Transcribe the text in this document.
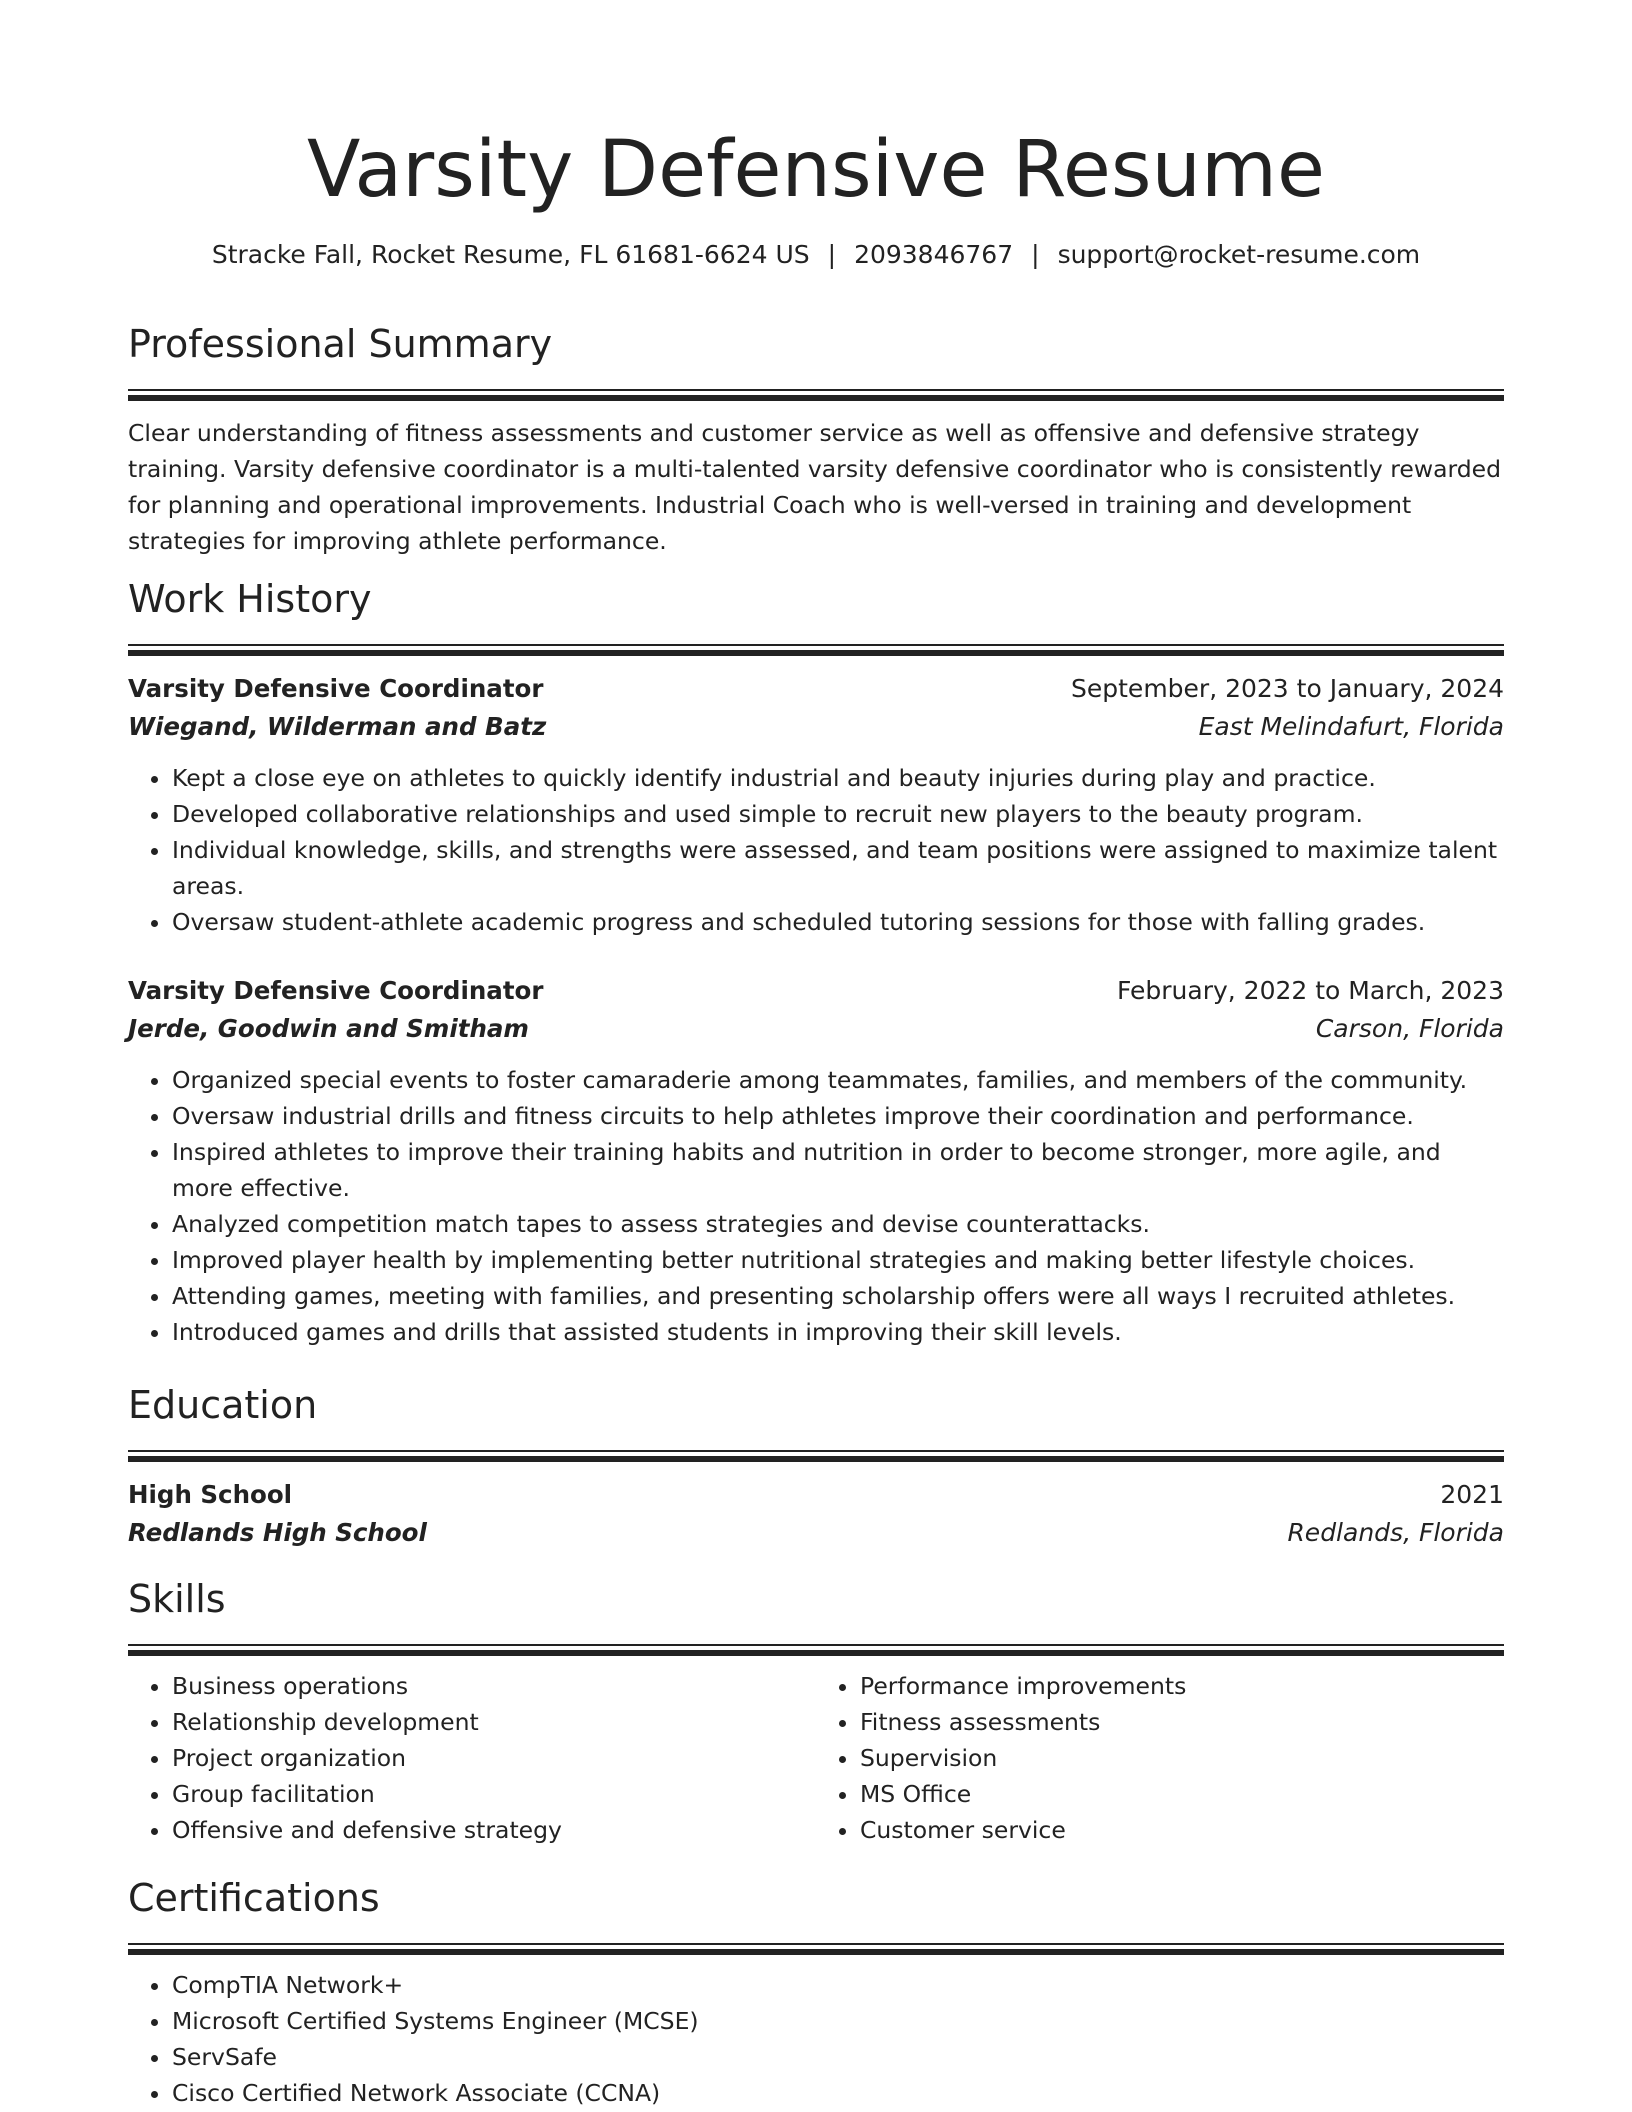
Varsity Defensive Resume
Stracke Fall, Rocket Resume, FL 61681-6624 US | 2093846767 | support@rocket-resume.com
Professional Summary

Clear understanding of fitness assessments and customer service as well as offensive and defensive strategy training. Varsity defensive coordinator is a multi-talented varsity defensive coordinator who is consistently rewarded for planning and operational improvements. Industrial Coach who is well-versed in training and development strategies for improving athlete performance.

Work History
Varsity Defensive Coordinator	September, 2023 to January, 2024
Wiegand, Wilderman and Batz	East Melindafurt, Florida
• Kept a close eye on athletes to quickly identify industrial and beauty injuries during play and practice.
• Developed collaborative relationships and used simple to recruit new players to the beauty program.
• Individual knowledge, skills, and strengths were assessed, and team positions were assigned to maximize talent areas.
• Oversaw student-athlete academic progress and scheduled tutoring sessions for those with falling grades.
Varsity Defensive Coordinator	February, 2022 to March, 2023
Jerde, Goodwin and Smitham	Carson, Florida
• Organized special events to foster camaraderie among teammates, families, and members of the community.
• Oversaw industrial drills and fitness circuits to help athletes improve their coordination and performance.
• Inspired athletes to improve their training habits and nutrition in order to become stronger, more agile, and more effective.
• Analyzed competition match tapes to assess strategies and devise counterattacks.
• Improved player health by implementing better nutritional strategies and making better lifestyle choices.
• Attending games, meeting with families, and presenting scholarship offers were all ways I recruited athletes.
• Introduced games and drills that assisted students in improving their skill levels.
Education
High School	2021
Redlands High School	Redlands, Florida
Skills
• Business operations
• Relationship development
• Project organization
• Group facilitation
• Offensive and defensive strategy
• Performance improvements
• Fitness assessments
• Supervision
• MS Office
• Customer service
Certifications
• CompTIA Network+
• Microsoft Certified Systems Engineer (MCSE)
• ServSafe
• Cisco Certified Network Associate (CCNA)
